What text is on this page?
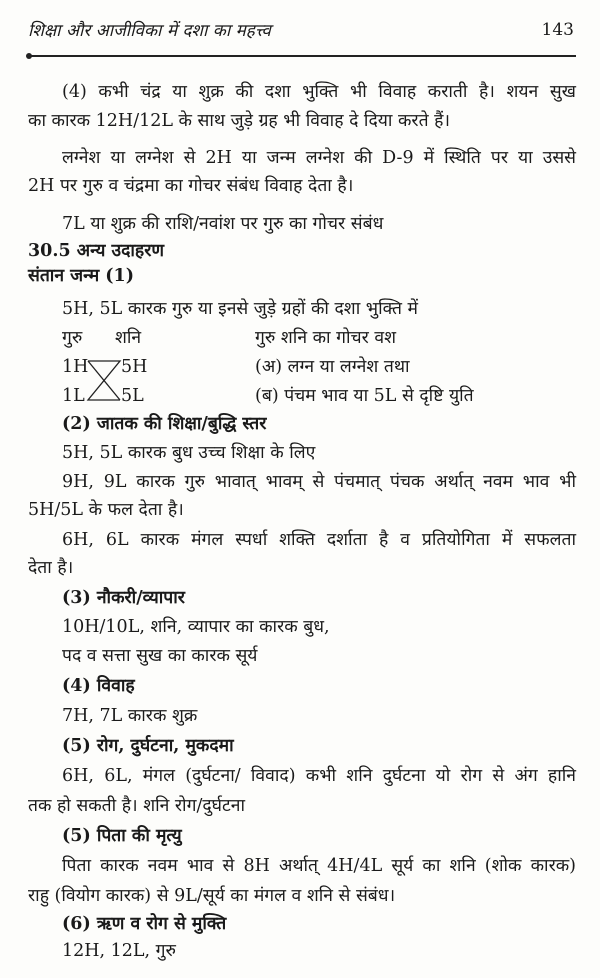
शिक्षा और आजीविका में दशा का महत्त्व	143
(4) कभी चंद्र या शुक्र की दशा भुक्ति भी विवाह कराती है। शयन सुख
का कारक 12H/12L के साथ जुड़े ग्रह भी विवाह दे दिया करते हैं।
लग्नेश या लग्नेश से 2H या जन्म लग्नेश की D-9 में स्थिति पर या उससे
2H पर गुरु व चंद्रमा का गोचर संबंध विवाह देता है।
7L या शुक्र की राशि/नवांश पर गुरु का गोचर संबंध
30.5 अन्य उदाहरण
संतान जन्म (1)
5H, 5L कारक गुरु या इनसे जुड़े ग्रहों की दशा भुक्ति में
गुरु शनि	गुरु शनि का गोचर वश
1H 5H
1L 5L
(अ) लग्न या लग्नेश तथा
(ब) पंचम भाव या 5L से दृष्टि युति
(2) जातक की शिक्षा/बुद्धि स्तर
5H, 5L कारक बुध उच्च शिक्षा के लिए
9H, 9L कारक गुरु भावात् भावम् से पंचमात् पंचक अर्थात् नवम भाव भी
5H/5L के फल देता है।
6H, 6L कारक मंगल स्पर्धा शक्ति दर्शाता है व प्रतियोगिता में सफलता
देता है।
(3) नौकरी/व्यापार
10H/10L, शनि, व्यापार का कारक बुध,
पद व सत्ता सुख का कारक सूर्य
(4) विवाह
7H, 7L कारक शुक्र
(5) रोग, दुर्घटना, मुकदमा
6H, 6L, मंगल (दुर्घटना/ विवाद) कभी शनि दुर्घटना यो रोग से अंग हानि
तक हो सकती है। शनि रोग/दुर्घटना
(5) पिता की मृत्यु
पिता कारक नवम भाव से 8H अर्थात् 4H/4L सूर्य का शनि (शोक कारक)
राहु (वियोग कारक) से 9L/सूर्य का मंगल व शनि से संबंध।
(6) ऋण व रोग से मुक्ति
12H, 12L, गुरु
